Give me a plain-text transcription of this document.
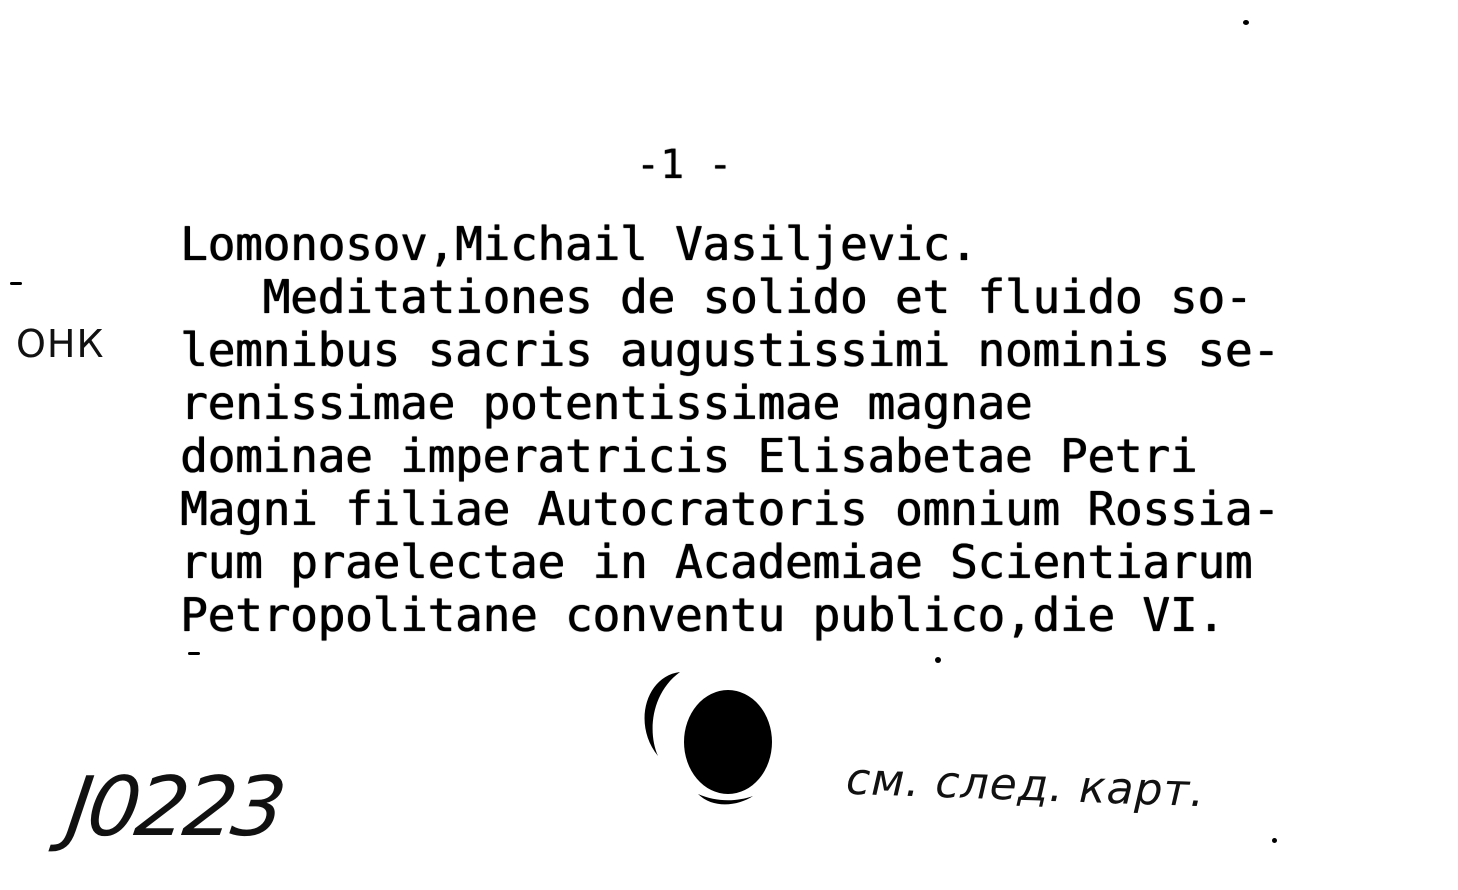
-1 -
Lomonosov,Michail Vasiljevic.
Meditationes de solido et fluido so-
lemnibus sacris augustissimi nominis se-
renissimae potentissimae magnae
dominae imperatricis Elisabetae Petri
Magni filiae Autocratoris omnium Rossia-
rum praelectae in Academiae Scientiarum
Petropolitane conventu publico,die VI.
ОНК
J0223	см. след. карт.
